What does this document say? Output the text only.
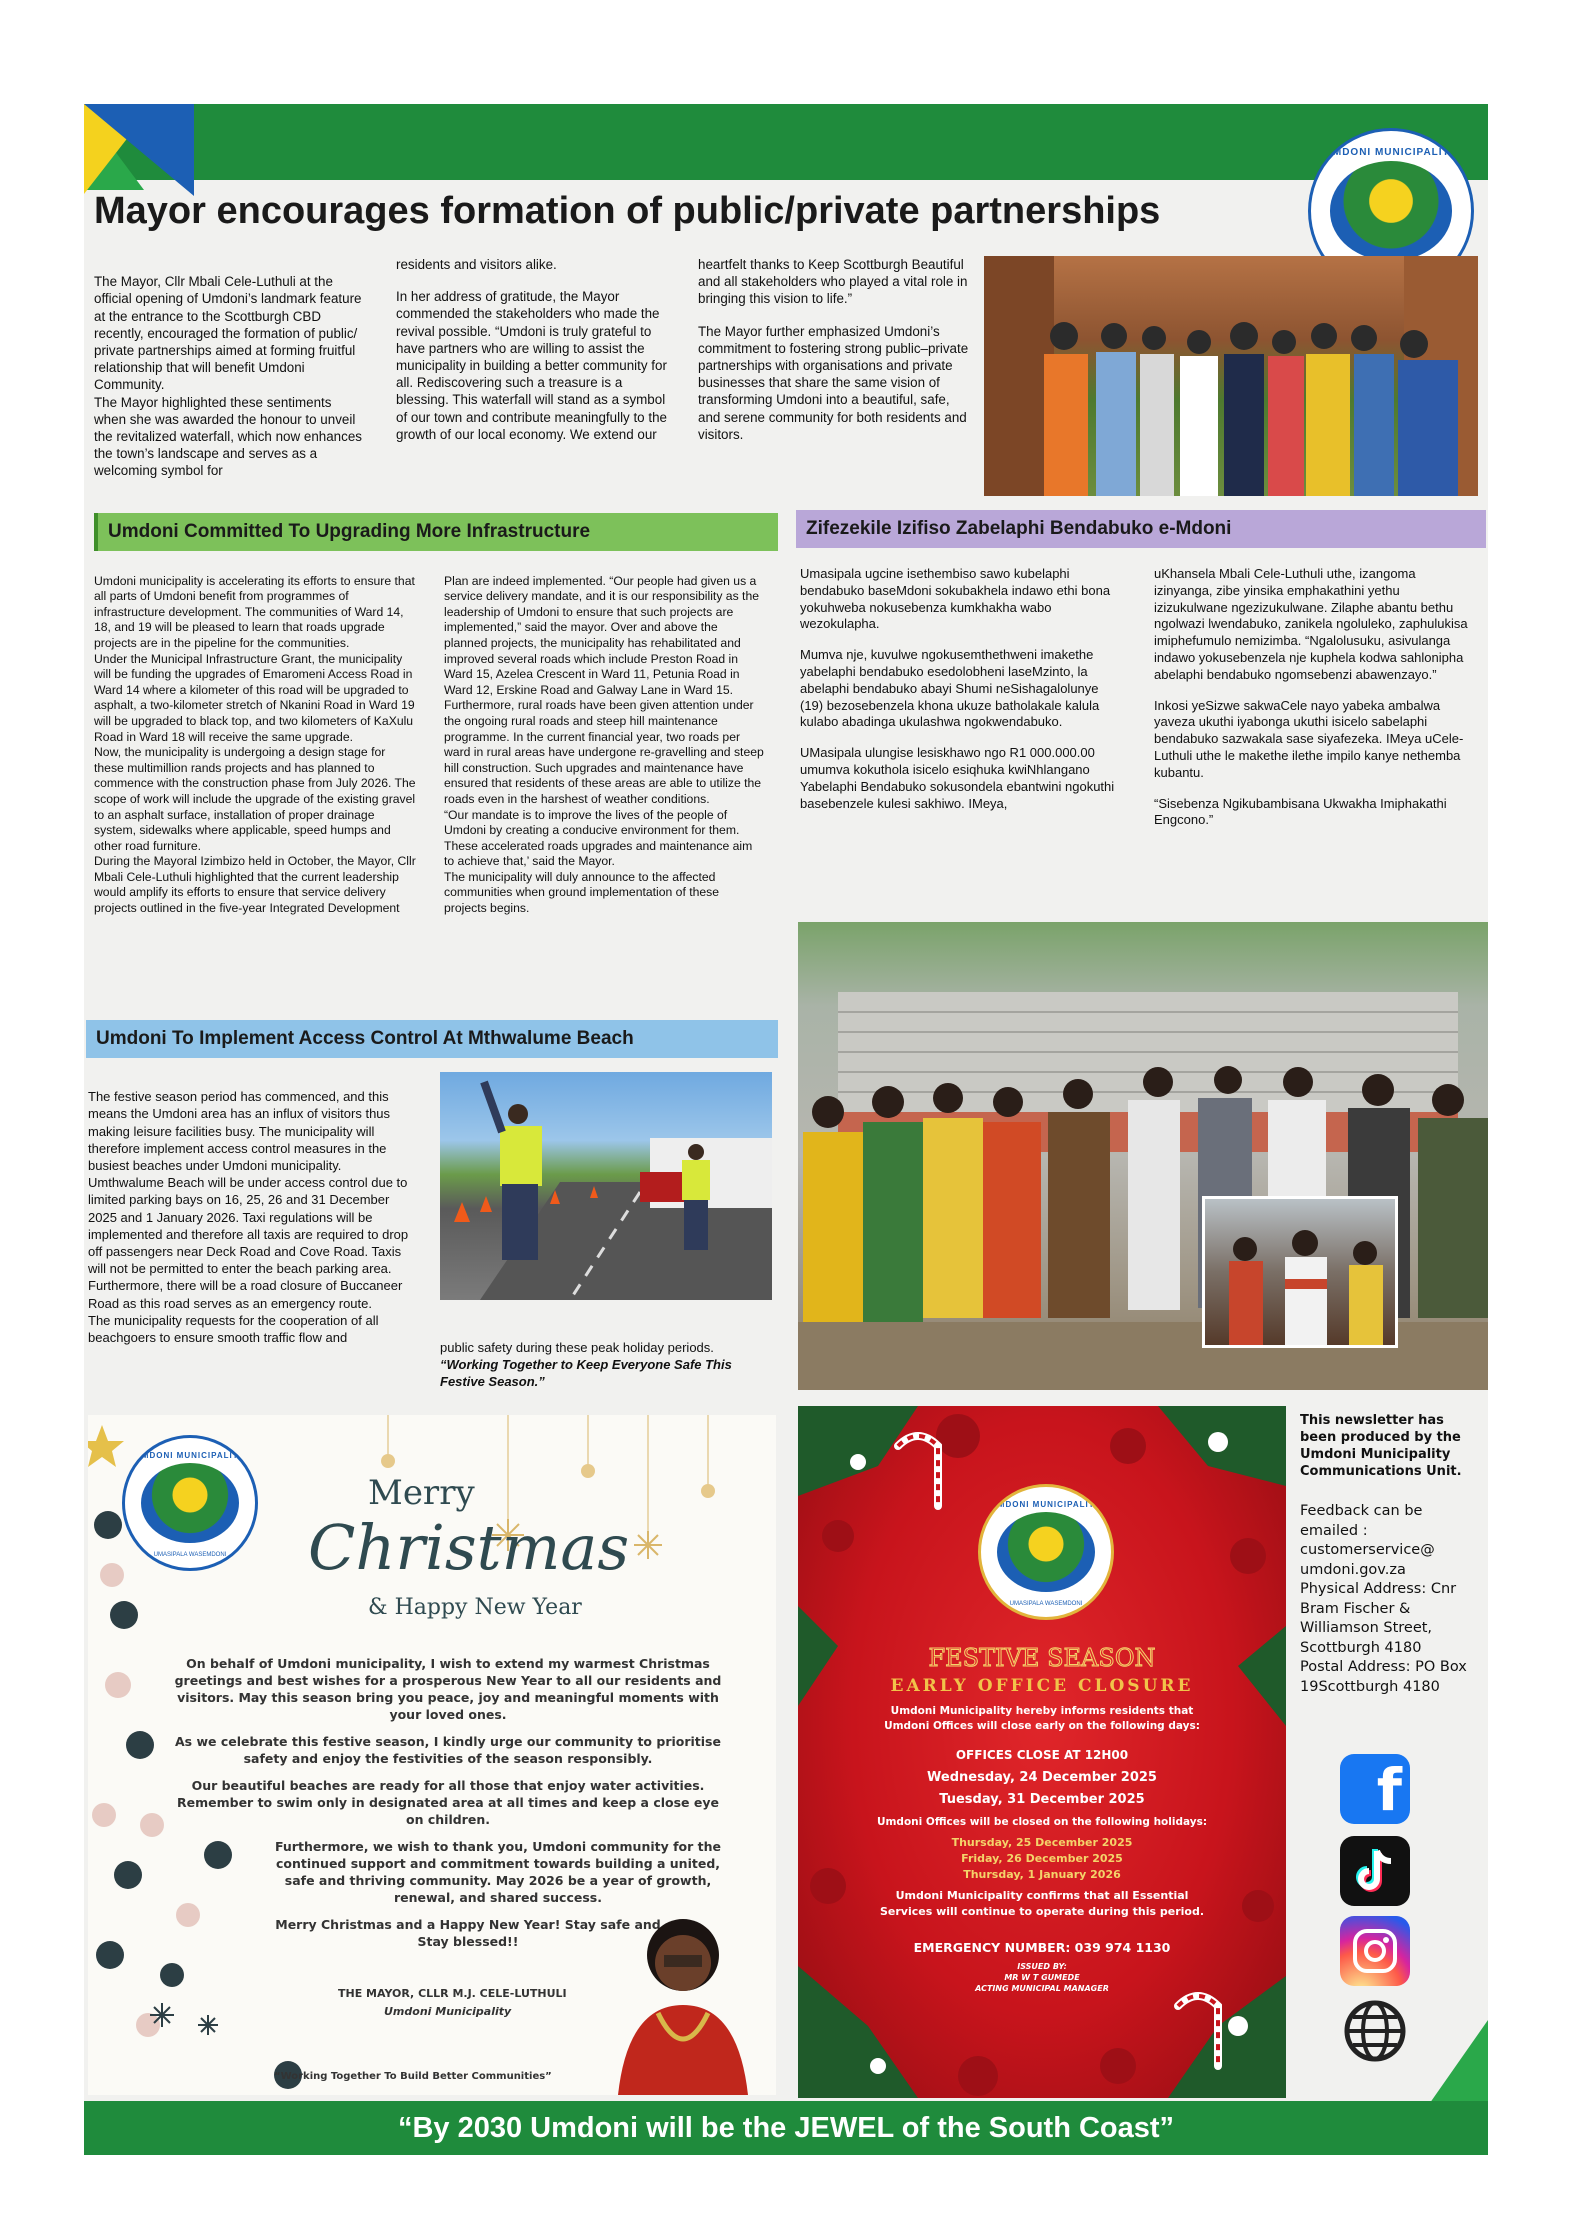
UMDONI MUNICIPALITY
Mayor encourages formation of public/private partnerships

The Mayor, Cllr Mbali Cele-Luthuli at the official opening of Umdoni’s landmark feature at the entrance to the Scottburgh CBD recently, encouraged the formation of public/ private partnerships aimed at forming fruitful relationship that will benefit Umdoni Community.
The Mayor highlighted these sentiments when she was awarded the honour to unveil the revitalized waterfall, which now enhances the town’s landscape and serves as a welcoming symbol for

residents and visitors alike.

In her address of gratitude, the Mayor commended the stakeholders who made the revival possible. “Umdoni is truly grateful to have partners who are willing to assist the municipality in building a better community for all. Rediscovering such a treasure is a blessing. This waterfall will stand as a symbol of our town and contribute meaningfully to the growth of our local economy. We extend our

heartfelt thanks to Keep Scottburgh Beautiful and all stakeholders who played a vital role in bringing this vision to life.”

The Mayor further emphasized Umdoni’s commitment to fostering strong public–private partnerships with organisations and private businesses that share the same vision of transforming Umdoni into a beautiful, safe, and serene community for both residents and visitors.

Umdoni Committed To Upgrading More Infrastructure

Umdoni municipality is accelerating its efforts to ensure that all parts of Umdoni benefit from programmes of infrastructure development. The communities of Ward 14, 18, and 19 will be pleased to learn that roads upgrade projects are in the pipeline for the communities.
Under the Municipal Infrastructure Grant, the municipality will be funding the upgrades of Emaromeni Access Road in Ward 14 where a kilometer of this road will be upgraded to asphalt, a two-kilometer stretch of Nkanini Road in Ward 19 will be upgraded to black top, and two kilometers of KaXulu Road in Ward 18 will receive the same upgrade.
Now, the municipality is undergoing a design stage for these multimillion rands projects and has planned to commence with the construction phase from July 2026. The scope of work will include the upgrade of the existing gravel to an asphalt surface, installation of proper drainage system, sidewalks where applicable, speed humps and other road furniture.
During the Mayoral Izimbizo held in October, the Mayor, Cllr Mbali Cele-Luthuli highlighted that the current leadership would amplify its efforts to ensure that service delivery projects outlined in the five-year Integrated Development

Plan are indeed implemented. “Our people had given us a service delivery mandate, and it is our responsibility as the leadership of Umdoni to ensure that such projects are implemented,” said the mayor. Over and above the planned projects, the municipality has rehabilitated and improved several roads which include Preston Road in Ward 15, Azelea Crescent in Ward 11, Petunia Road in Ward 12, Erskine Road and Galway Lane in Ward 15.
Furthermore, rural roads have been given attention under the ongoing rural roads and steep hill maintenance programme. In the current financial year, two roads per ward in rural areas have undergone re-gravelling and steep hill construction. Such upgrades and maintenance have ensured that residents of these areas are able to utilize the roads even in the harshest of weather conditions.
“Our mandate is to improve the lives of the people of Umdoni by creating a conducive environment for them. These accelerated roads upgrades and maintenance aim to achieve that,’ said the Mayor.
The municipality will duly announce to the affected communities when ground implementation of these projects begins.

Zifezekile Izifiso Zabelaphi Bendabuko e-Mdoni

Umasipala ugcine isethembiso sawo kubelaphi bendabuko baseMdoni sokubakhela indawo ethi bona yokuhweba nokusebenza kumkhakha wabo wezokulapha.

Mumva nje, kuvulwe ngokusemthethweni imakethe yabelaphi bendabuko esedolobheni laseMzinto, la abelaphi bendabuko abayi Shumi neSishagalolunye (19) bezosebenzela khona ukuze batholakale kalula kulabo abadinga ukulashwa ngokwendabuko.

UMasipala ulungise lesiskhawo ngo R1 000.000.00 umumva kokuthola isicelo esiqhuka kwiNhlangano Yabelaphi Bendabuko sokusondela ebantwini ngokuthi basebenzele kulesi sakhiwo. IMeya,

uKhansela Mbali Cele-Luthuli uthe, izangoma izinyanga, zibe yinsika emphakathini yethu izizukulwane ngezizukulwane. Zilaphe abantu bethu ngolwazi lwendabuko, zanikela ngoluleko, zaphulukisa imiphefumulo nemizimba. “Ngalolusuku, asivulanga indawo yokusebenzela nje kuphela kodwa sahlonipha abelaphi bendabuko ngomsebenzi abawenzayo.”

Inkosi yeSizwe sakwaCele nayo yabeka ambalwa yaveza ukuthi iyabonga ukuthi isicelo sabelaphi bendabuko sazwakala sase siyafezeka. IMeya uCele-Luthuli uthe le makethe ilethe impilo kanye nethemba kubantu.

“Sisebenza Ngikubambisana Ukwakha Imiphakathi Engcono.”

Umdoni To Implement Access Control At Mthwalume Beach

The festive season period has commenced, and this means the Umdoni area has an influx of visitors thus making leisure facilities busy. The municipality will therefore implement access control measures in the busiest beaches under Umdoni municipality.
Umthwalume Beach will be under access control due to limited parking bays on 16, 25, 26 and 31 December 2025 and 1 January 2026. Taxi regulations will be implemented and therefore all taxis are required to drop off passengers near Deck Road and Cove Road. Taxis will not be permitted to enter the beach parking area. Furthermore, there will be a road closure of Buccaneer Road as this road serves as an emergency route.
The municipality requests for the cooperation of all beachgoers to ensure smooth traffic flow and

public safety during these peak holiday periods.

“Working Together to Keep Everyone Safe This Festive Season.”

UMDONI MUNICIPALITY
UMASIPALA WASEMDONI
Merry
Christmas
& Happy New Year

On behalf of Umdoni municipality, I wish to extend my warmest Christmas greetings and best wishes for a prosperous New Year to all our residents and visitors. May this season bring you peace, joy and meaningful moments with your loved ones.

As we celebrate this festive season, I kindly urge our community to prioritise safety and enjoy the festivities of the season responsibly.

Our beautiful beaches are ready for all those that enjoy water activities. Remember to swim only in designated area at all times and keep a close eye on children.

Furthermore, we wish to thank you, Umdoni community for the continued support and commitment towards building a united, safe and thriving community. May 2026 be a year of growth, renewal, and shared success.

Merry Christmas and a Happy New Year! Stay safe and Stay blessed!!

THE MAYOR, CLLR M.J. CELE-LUTHULI
Umdoni Municipality
“Working Together To Build Better Communities”
UMDONI MUNICIPALITY
UMASIPALA WASEMDONI
FESTIVE SEASON
EARLY OFFICE CLOSURE
Umdoni Municipality hereby informs residents that Umdoni Offices will close early on the following days:
OFFICES CLOSE AT 12H00
Wednesday, 24 December 2025
Tuesday, 31 December 2025
Umdoni Offices will be closed on the following holidays:
Thursday, 25 December 2025
Friday, 26 December 2025
Thursday, 1 January 2026
Umdoni Municipality confirms that all Essential Services will continue to operate during this period.
EMERGENCY NUMBER: 039 974 1130
ISSUED BY:
MR W T GUMEDE
ACTING MUNICIPAL MANAGER
This newsletter has been produced by the Umdoni Municipality Communications Unit.
Feedback can be emailed : customerservice@ umdoni.gov.za
Physical Address: Cnr Bram Fischer & Williamson Street, Scottburgh 4180
Postal Address: PO Box 19Scottburgh 4180
f
“By 2030 Umdoni will be the JEWEL of the South Coast”
